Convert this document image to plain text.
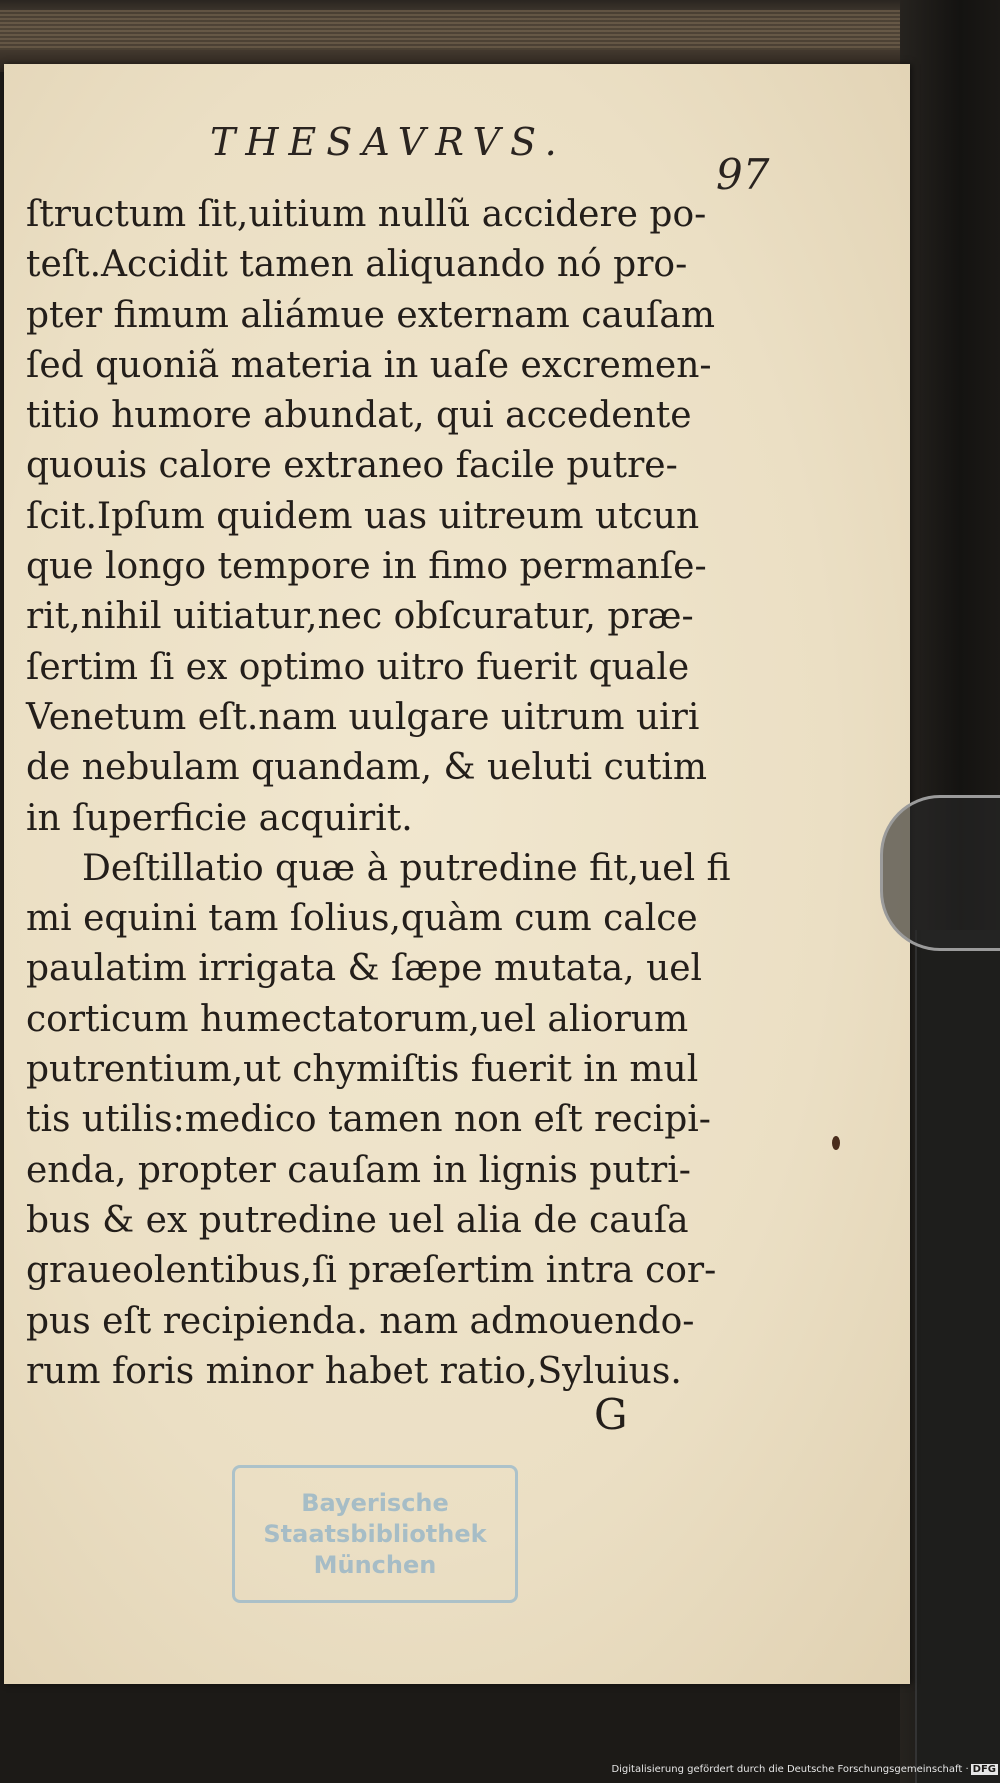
THESAVRVS.
97
ſtructum ſit,uitium nullũ accidere po-
teſt.Accidit tamen aliquando nó pro-
pter fimum aliámue externam cauſam
ſed quoniã materia in uaſe excremen-
titio humore abundat, qui accedente
quouis calore extraneo facile putre-
ſcit.Ipſum quidem uas uitreum utcun
que longo tempore in fimo permanſe-
rit,nihil uitiatur,nec obſcuratur, præ-
ſertim ſi ex optimo uitro fuerit quale
Venetum eſt.nam uulgare uitrum uiri
de nebulam quandam, & ueluti cutim
in ſuperficie acquirit.
Deſtillatio quæ à putredine fit,uel fi
mi equini tam ſolius,quàm cum calce
paulatim irrigata & ſæpe mutata, uel
corticum humectatorum,uel aliorum
putrentium,ut chymiſtis fuerit in mul
tis utilis:medico tamen non eſt recipi-
enda, propter cauſam in lignis putri-
bus & ex putredine uel alia de cauſa
graueolentibus,ſi præſertim intra cor-
pus eſt recipienda. nam admouendo-
rum foris minor habet ratio,Syluius.
G
Bayerische
Staatsbibliothek
München
Digitalisierung gefördert durch die Deutsche Forschungsgemeinschaft · DFG
